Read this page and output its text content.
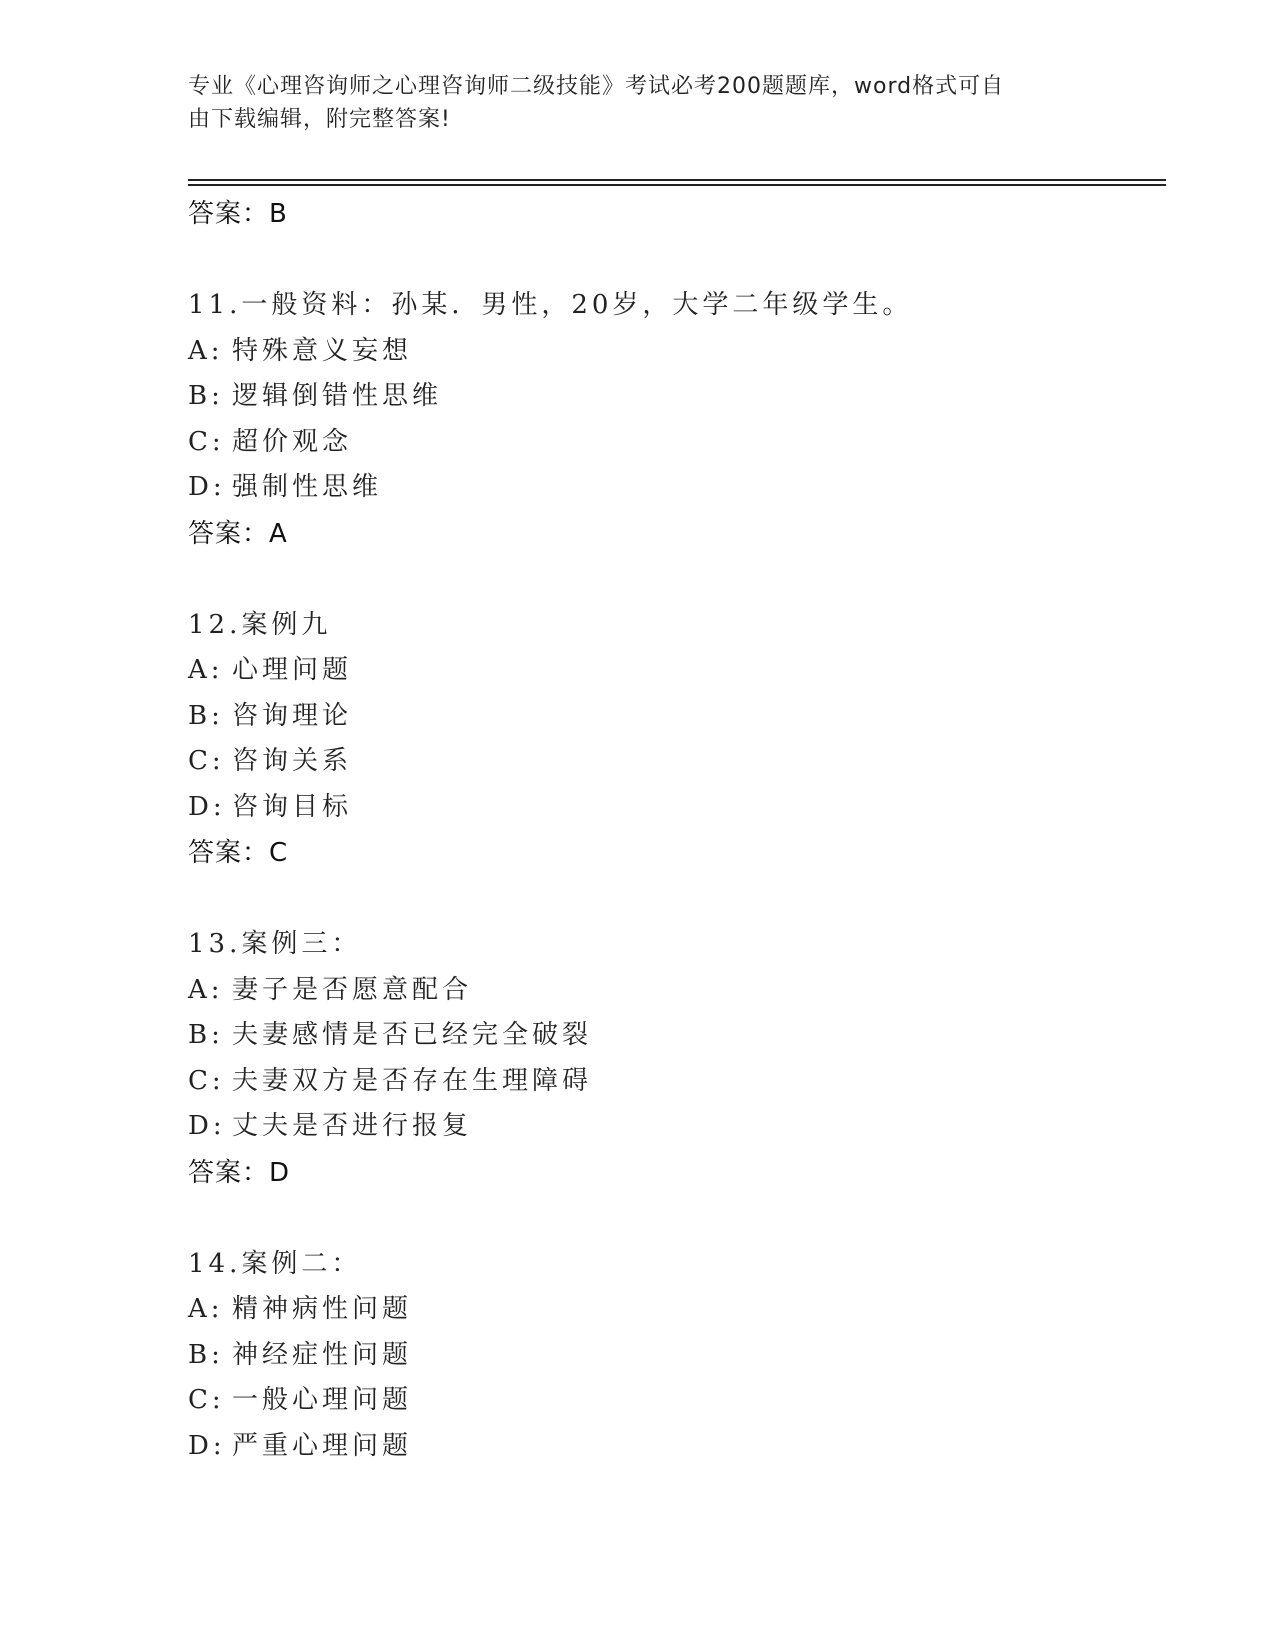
专业《心理咨询师之心理咨询师二级技能》考试必考200题题库，word格式可自
由下载编辑，附完整答案!
答案：B
11.一般资料：孙某．男性，20岁，大学二年级学生。
A: 特殊意义妄想
B: 逻辑倒错性思维
C: 超价观念
D: 强制性思维
答案：A
12.案例九
A: 心理问题
B: 咨询理论
C: 咨询关系
D: 咨询目标
答案：C
13.案例三：
A: 妻子是否愿意配合
B: 夫妻感情是否已经完全破裂
C: 夫妻双方是否存在生理障碍
D: 丈夫是否进行报复
答案：D
14.案例二：
A: 精神病性问题
B: 神经症性问题
C: 一般心理问题
D: 严重心理问题
